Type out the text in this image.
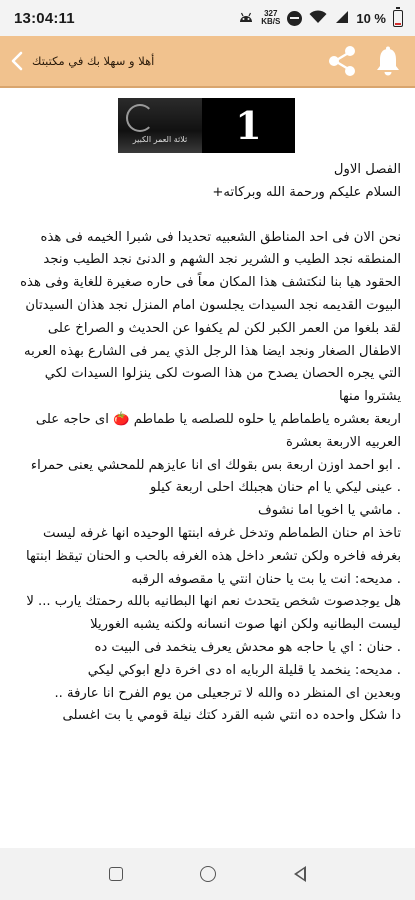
13:04:11	327
KB/S	10 %
أهلا و سهلا بك في مكتبتك
ثلاثة العمر الكبير	1

الفصل الاول

السلام عليكم ورحمة الله وبركاته+

نحن الان فى احد المناطق الشعبيه تحديدا فى شبرا الخيمه فى هذه المنطقه نجد الطيب و الشرير نجد الشهم و الدنئ نجد الطيب ونجد الحقود هيا بنا لنكتشف هذا المكان معاً فى حاره صغيرة للغاية وفى هذه البيوت القديمه نجد السيدات يجلسون امام المنزل نجد هذان السيدتان لقد بلغوا من العمر الكبر لكن لم يكفوا عن الحديث و الصراخ على الاطفال الصغار ونجد ايضا هذا الرجل الذي يمر فى الشارع بهذه العربه التي يجره الحصان يصدح من هذا الصوت لكى ينزلوا السيدات لكي يشتروا منها

اربعة بعشره ياطماطم يا حلوه للصلصه يا طماطم 🍅 اى حاجه على العربيه الاربعة بعشرة

. ابو احمد اوزن اربعة بس بقولك اى انا عايزهم للمحشي يعنى حمراء

. عينى ليكي يا ام حنان هجبلك احلى اربعة كيلو

. ماشي يا اخويا اما نشوف

تاخذ ام حنان الطماطم وتدخل غرفه ابنتها الوحيده انها غرفه ليست بغرفه فاخره ولكن تشعر داخل هذه الغرفه بالحب و الحنان تيقظ ابنتها

. مديحه: انت يا بت يا حنان انتي يا مقصوفه الرقبه

هل يوجدصوت شخص يتحدث نعم انها البطانيه بالله رحمتك يارب ... لا ليست البطانيه ولكن انها صوت انسانه ولكنه يشبه الغوريلا

. حنان : اي يا حاجه هو محدش يعرف ينخمد فى البيت ده

. مديحه: ينخمد يا قليلة الربايه اه دى اخرة دلع ابوكي ليكي

وبعدين اى المنظر ده والله لا ترجعيلى من يوم الفرح انا عارفة ..

دا شكل واحده ده انتي شبه القرد كتك نيلة قومي يا بت اغسلى
